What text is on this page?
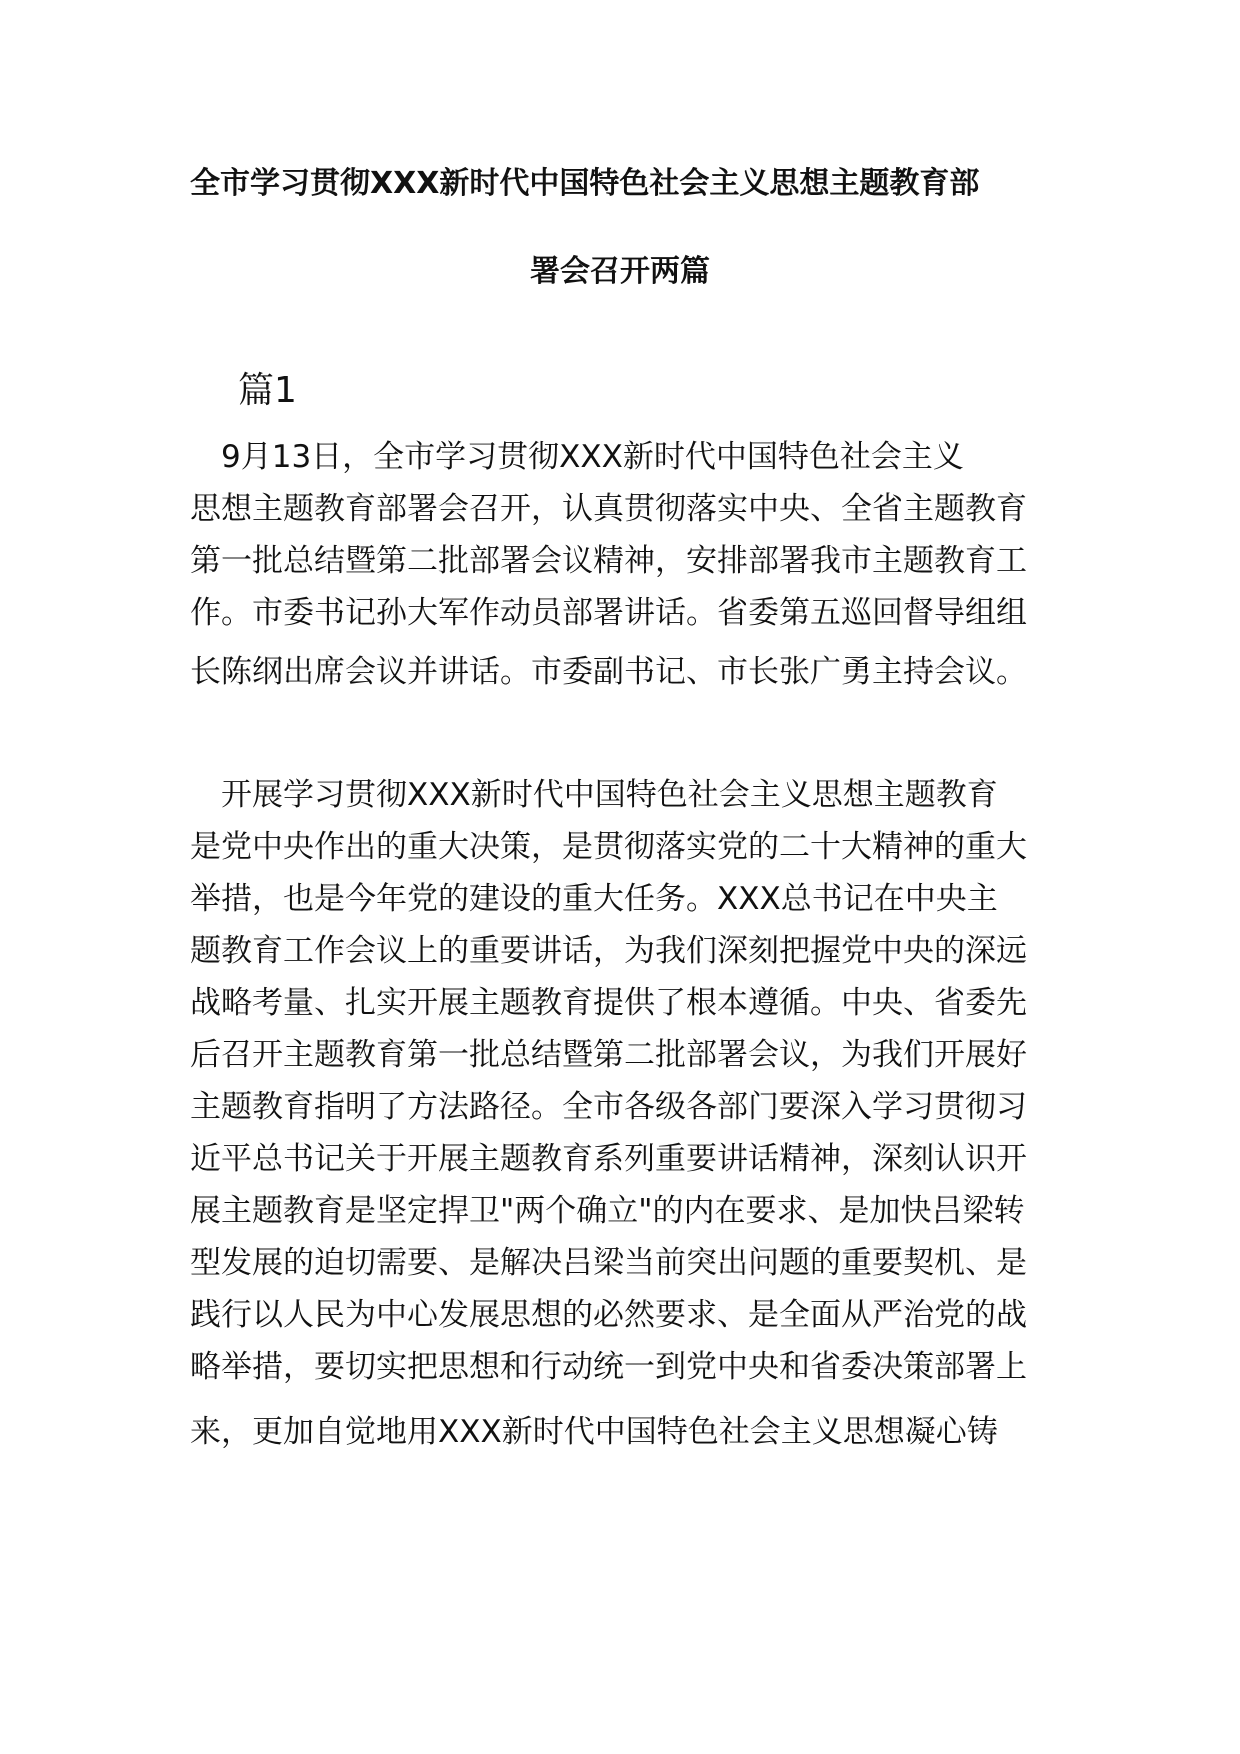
全市学习贯彻XXX新时代中国特色社会主义思想主题教育部
署会召开两篇
篇1

　9月13日，全市学习贯彻XXX新时代中国特色社会主义

思想主题教育部署会召开，认真贯彻落实中央、全省主题教育

第一批总结暨第二批部署会议精神，安排部署我市主题教育工

作。市委书记孙大军作动员部署讲话。省委第五巡回督导组组

长陈纲出席会议并讲话。市委副书记、市长张广勇主持会议。

　开展学习贯彻XXX新时代中国特色社会主义思想主题教育

是党中央作出的重大决策，是贯彻落实党的二十大精神的重大

举措，也是今年党的建设的重大任务。XXX总书记在中央主

题教育工作会议上的重要讲话，为我们深刻把握党中央的深远

战略考量、扎实开展主题教育提供了根本遵循。中央、省委先

后召开主题教育第一批总结暨第二批部署会议，为我们开展好

主题教育指明了方法路径。全市各级各部门要深入学习贯彻习

近平总书记关于开展主题教育系列重要讲话精神，深刻认识开

展主题教育是坚定捍卫"两个确立"的内在要求、是加快吕梁转

型发展的迫切需要、是解决吕梁当前突出问题的重要契机、是

践行以人民为中心发展思想的必然要求、是全面从严治党的战

略举措，要切实把思想和行动统一到党中央和省委决策部署上

来，更加自觉地用XXX新时代中国特色社会主义思想凝心铸
